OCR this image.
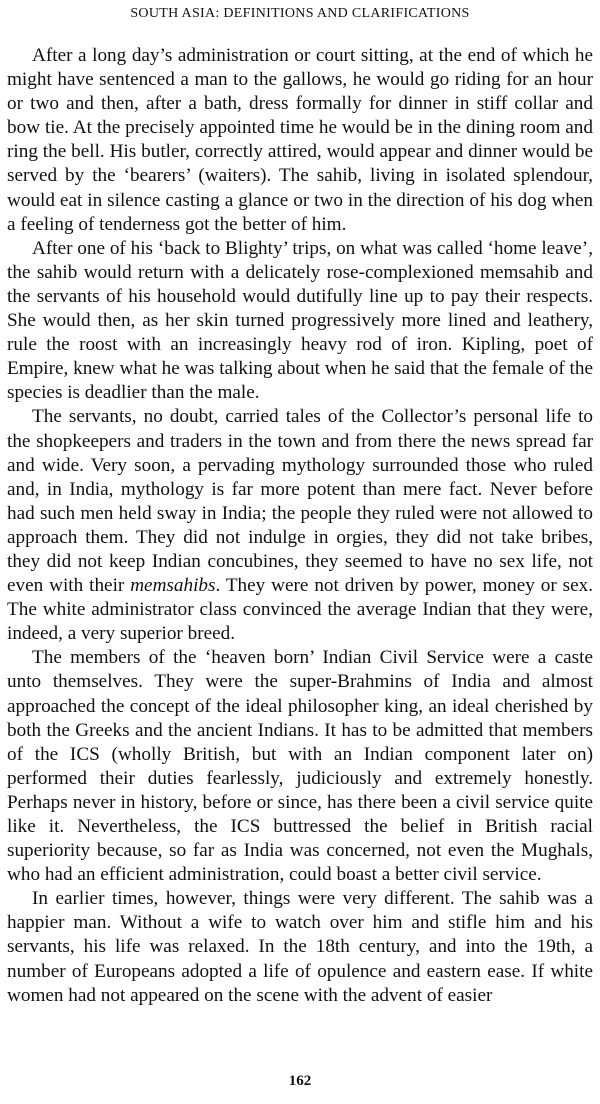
SOUTH ASIA: DEFINITIONS AND CLARIFICATIONS

After a long day’s administration or court sitting, at the end of which he might have sentenced a man to the gallows, he would go riding for an hour or two and then, after a bath, dress formally for dinner in stiff collar and bow tie. At the precisely appointed time he would be in the dining room and ring the bell. His butler, correctly attired, would appear and dinner would be served by the ‘bearers’ (waiters). The sahib, living in isolated splendour, would eat in silence casting a glance or two in the direction of his dog when a feeling of tenderness got the better of him.

After one of his ‘back to Blighty’ trips, on what was called ‘home leave’, the sahib would return with a delicately rose-complexioned memsahib and the servants of his household would dutifully line up to pay their respects. She would then, as her skin turned progressively more lined and leathery, rule the roost with an increasingly heavy rod of iron. Kipling, poet of Empire, knew what he was talking about when he said that the female of the species is deadlier than the male.

The servants, no doubt, carried tales of the Collector’s personal life to the shopkeepers and traders in the town and from there the news spread far and wide. Very soon, a pervading mythology surrounded those who ruled and, in India, mythology is far more potent than mere fact. Never before had such men held sway in India; the people they ruled were not allowed to approach them. They did not indulge in orgies, they did not take bribes, they did not keep Indian concubines, they seemed to have no sex life, not even with their memsahibs. They were not driven by power, money or sex. The white administrator class convinced the average Indian that they were, indeed, a very superior breed.

The members of the ‘heaven born’ Indian Civil Service were a caste unto themselves. They were the super-Brahmins of India and almost approached the concept of the ideal philosopher king, an ideal cherished by both the Greeks and the ancient Indians. It has to be admitted that members of the ICS (wholly British, but with an Indian component later on) performed their duties fearlessly, judiciously and extremely honestly. Perhaps never in history, before or since, has there been a civil service quite like it. Nevertheless, the ICS buttressed the belief in British racial superiority because, so far as India was concerned, not even the Mughals, who had an efficient administration, could boast a better civil service.

In earlier times, however, things were very different. The sahib was a happier man. Without a wife to watch over him and stifle him and his servants, his life was relaxed. In the 18th century, and into the 19th, a number of Europeans adopted a life of opulence and eastern ease. If white women had not appeared on the scene with the advent of easier

162
